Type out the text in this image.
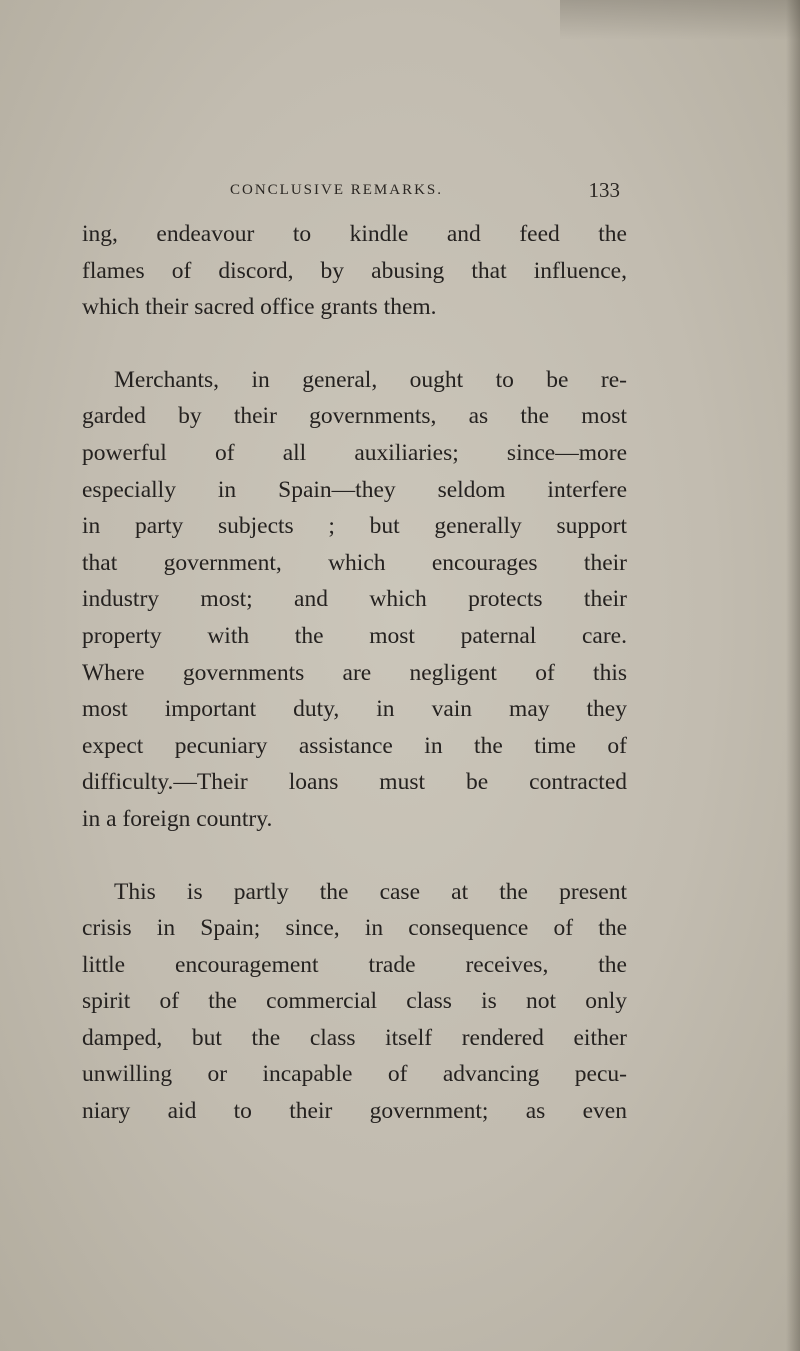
CONCLUSIVE REMARKS.	133
ing, endeavour to kindle and feed the
flames of discord, by abusing that influence,
which their sacred office grants them.
Merchants, in general, ought to be re-
garded by their governments, as the most
powerful of all auxiliaries; since—more
especially in Spain—they seldom interfere
in party subjects ; but generally support
that government, which encourages their
industry most; and which protects their
property with the most paternal care.
Where governments are negligent of this
most important duty, in vain may they
expect pecuniary assistance in the time of
difficulty.—Their loans must be contracted
in a foreign country.
This is partly the case at the present
crisis in Spain; since, in consequence of the
little encouragement trade receives, the
spirit of the commercial class is not only
damped, but the class itself rendered either
unwilling or incapable of advancing pecu-
niary aid to their government; as even
